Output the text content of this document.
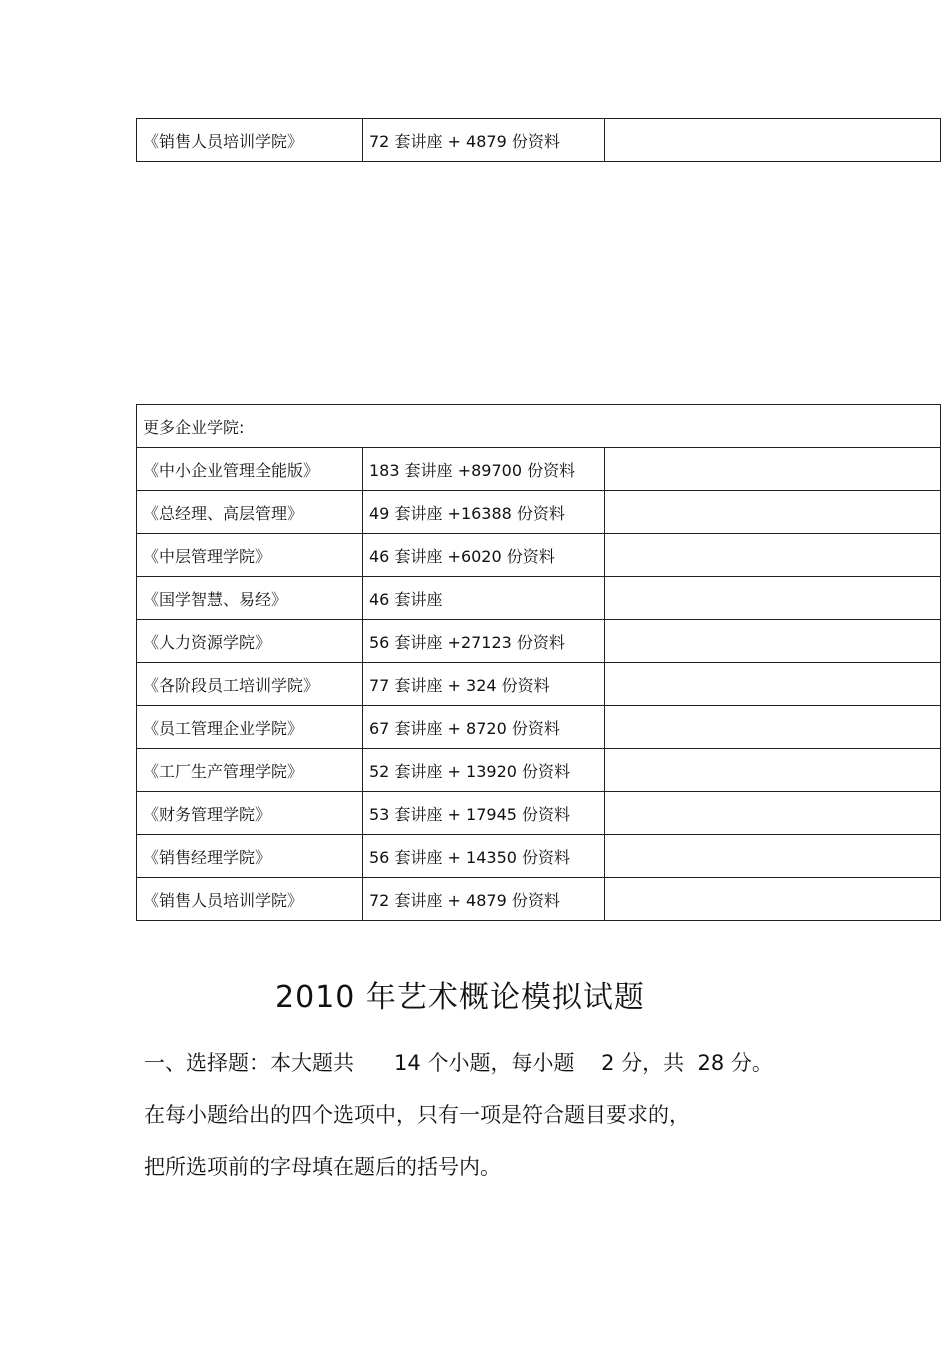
《销售人员培训学院》	72 套讲座 + 4879 份资料	
更多企业学院:		
《中小企业管理全能版》	183 套讲座 +89700 份资料	
《总经理、高层管理》	49 套讲座 +16388 份资料	
《中层管理学院》	46 套讲座 +6020 份资料	
《国学智慧、易经》	46 套讲座	
《人力资源学院》	56 套讲座 +27123 份资料	
《各阶段员工培训学院》	77 套讲座 + 324 份资料	
《员工管理企业学院》	67 套讲座 + 8720 份资料	
《工厂生产管理学院》	52 套讲座 + 13920 份资料	
《财务管理学院》	53 套讲座 + 17945 份资料	
《销售经理学院》	56 套讲座 + 14350 份资料	
《销售人员培训学院》	72 套讲座 + 4879 份资料	
2010 年艺术概论模拟试题

一、选择题：本大题共      14 个小题，每小题    2 分，共  28 分。

在每小题给出的四个选项中，只有一项是符合题目要求的，

把所选项前的字母填在题后的括号内。
